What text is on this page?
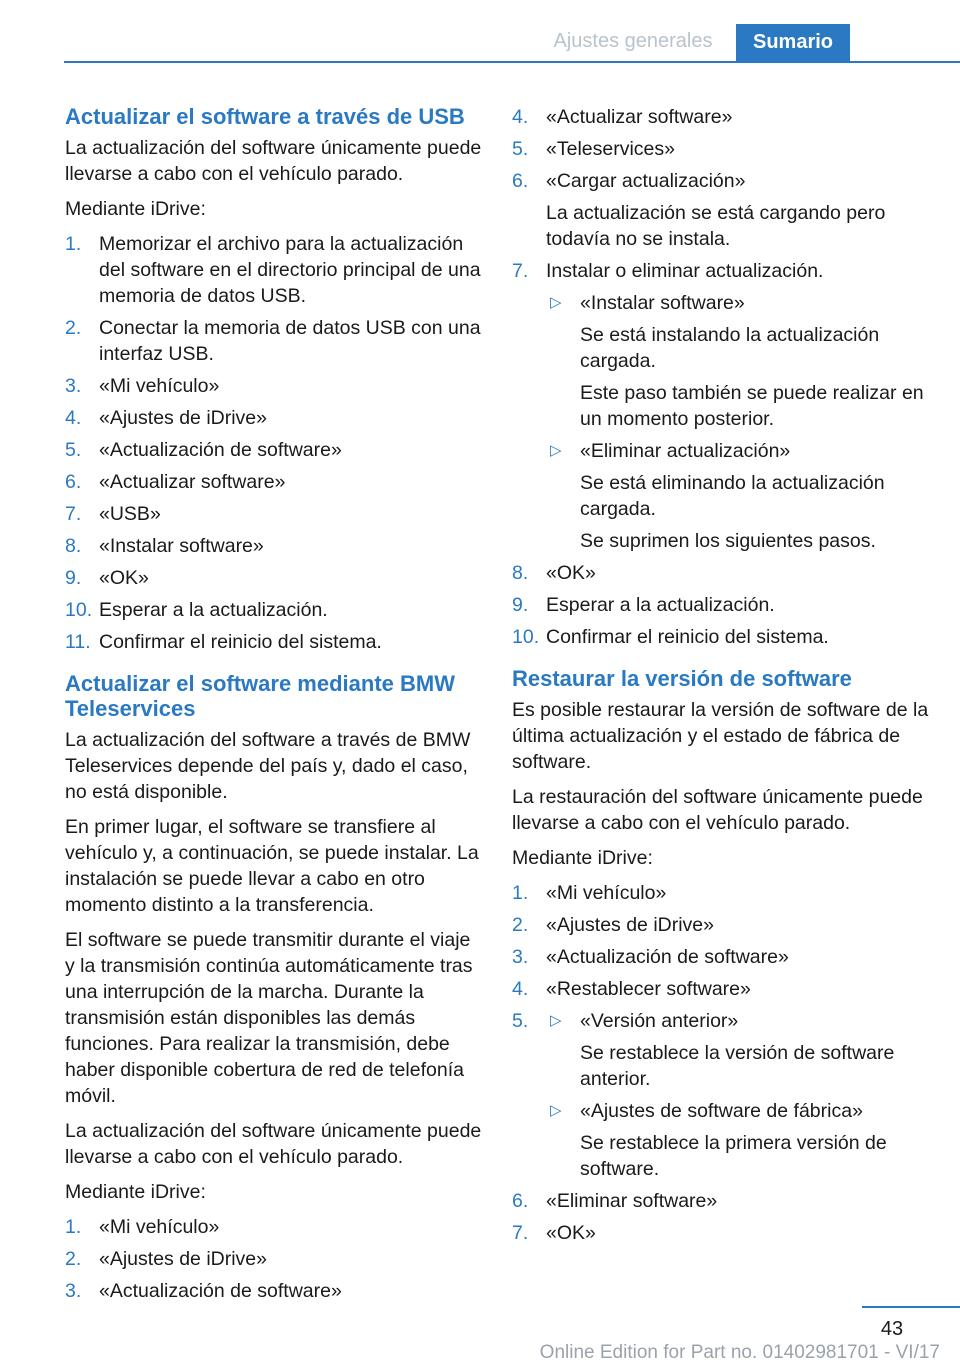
Ajustes generales	Sumario
Actualizar el software a través de USB

La actualización del software únicamente puede llevarse a cabo con el vehículo parado.

Mediante iDrive:

1. Memorizar el archivo para la actualización del software en el directorio principal de una memoria de datos USB.
2. Conectar la memoria de datos USB con una interfaz USB.
3. «Mi vehículo»
4. «Ajustes de iDrive»
5. «Actualización de software»
6. «Actualizar software»
7. «USB»
8. «Instalar software»
9. «OK»
10. Esperar a la actualización.
11. Confirmar el reinicio del sistema.
Actualizar el software mediante BMW Teleservices

La actualización del software a través de BMW Teleservices depende del país y, dado el caso, no está disponible.

En primer lugar, el software se transfiere al vehículo y, a continuación, se puede instalar. La instalación se puede llevar a cabo en otro momento distinto a la transferencia.

El software se puede transmitir durante el viaje y la transmisión continúa automáticamente tras una interrupción de la marcha. Durante la transmisión están disponibles las demás funciones. Para realizar la transmisión, debe haber disponible cobertura de red de telefonía móvil.

La actualización del software únicamente puede llevarse a cabo con el vehículo parado.

Mediante iDrive:

1. «Mi vehículo»
2. «Ajustes de iDrive»
3. «Actualización de software»
4. «Actualizar software»
5. «Teleservices»
6. «Cargar actualización»
La actualización se está cargando pero todavía no se instala.
7. Instalar o eliminar actualización.
▷ «Instalar software»
Se está instalando la actualización cargada.
Este paso también se puede realizar en un momento posterior.
▷ «Eliminar actualización»
Se está eliminando la actualización cargada.
Se suprimen los siguientes pasos.
8. «OK»
9. Esperar a la actualización.
10. Confirmar el reinicio del sistema.
Restaurar la versión de software

Es posible restaurar la versión de software de la última actualización y el estado de fábrica de software.

La restauración del software únicamente puede llevarse a cabo con el vehículo parado.

Mediante iDrive:

1. «Mi vehículo»
2. «Ajustes de iDrive»
3. «Actualización de software»
4. «Restablecer software»
5. ▷ «Versión anterior»
Se restablece la versión de software anterior.
▷ «Ajustes de software de fábrica»
Se restablece la primera versión de software.
6. «Eliminar software»
7. «OK»
43
Online Edition for Part no. 01402981701 - VI/17
